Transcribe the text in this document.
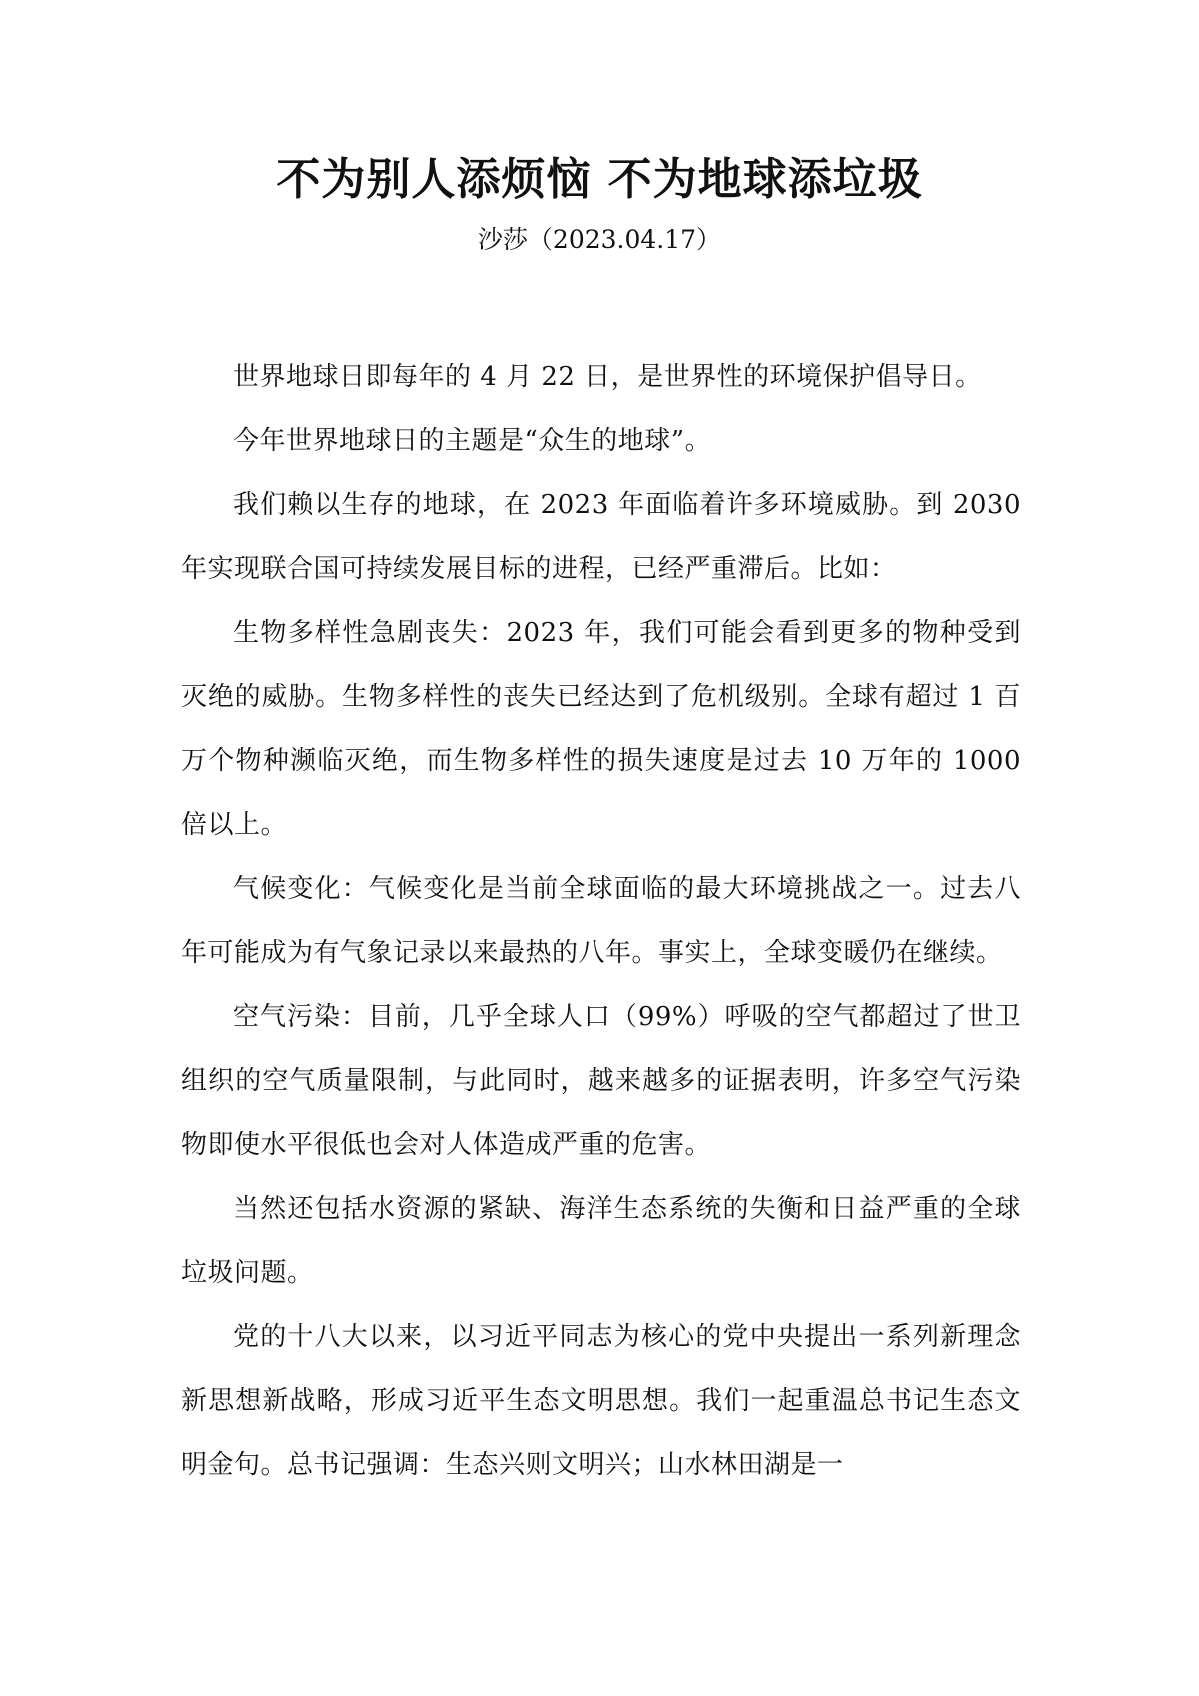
不为别人添烦恼 不为地球添垃圾

沙莎（2023.04.17）

世界地球日即每年的 4 月 22 日，是世界性的环境保护倡导日。

今年世界地球日的主题是“众生的地球”。

我们赖以生存的地球，在 2023 年面临着许多环境威胁。到 2030 年实现联合国可持续发展目标的进程，已经严重滞后。比如：

生物多样性急剧丧失：2023 年，我们可能会看到更多的物种受到灭绝的威胁。生物多样性的丧失已经达到了危机级别。全球有超过 1 百万个物种濒临灭绝，而生物多样性的损失速度是过去 10 万年的 1000 倍以上。

气候变化：气候变化是当前全球面临的最大环境挑战之一。过去八年可能成为有气象记录以来最热的八年。事实上，全球变暖仍在继续。

空气污染：目前，几乎全球人口（99%）呼吸的空气都超过了世卫组织的空气质量限制，与此同时，越来越多的证据表明，许多空气污染物即使水平很低也会对人体造成严重的危害。

当然还包括水资源的紧缺、海洋生态系统的失衡和日益严重的全球垃圾问题。

党的十八大以来，以习近平同志为核心的党中央提出一系列新理念新思想新战略，形成习近平生态文明思想。我们一起重温总书记生态文明金句。总书记强调：生态兴则文明兴；山水林田湖是一
